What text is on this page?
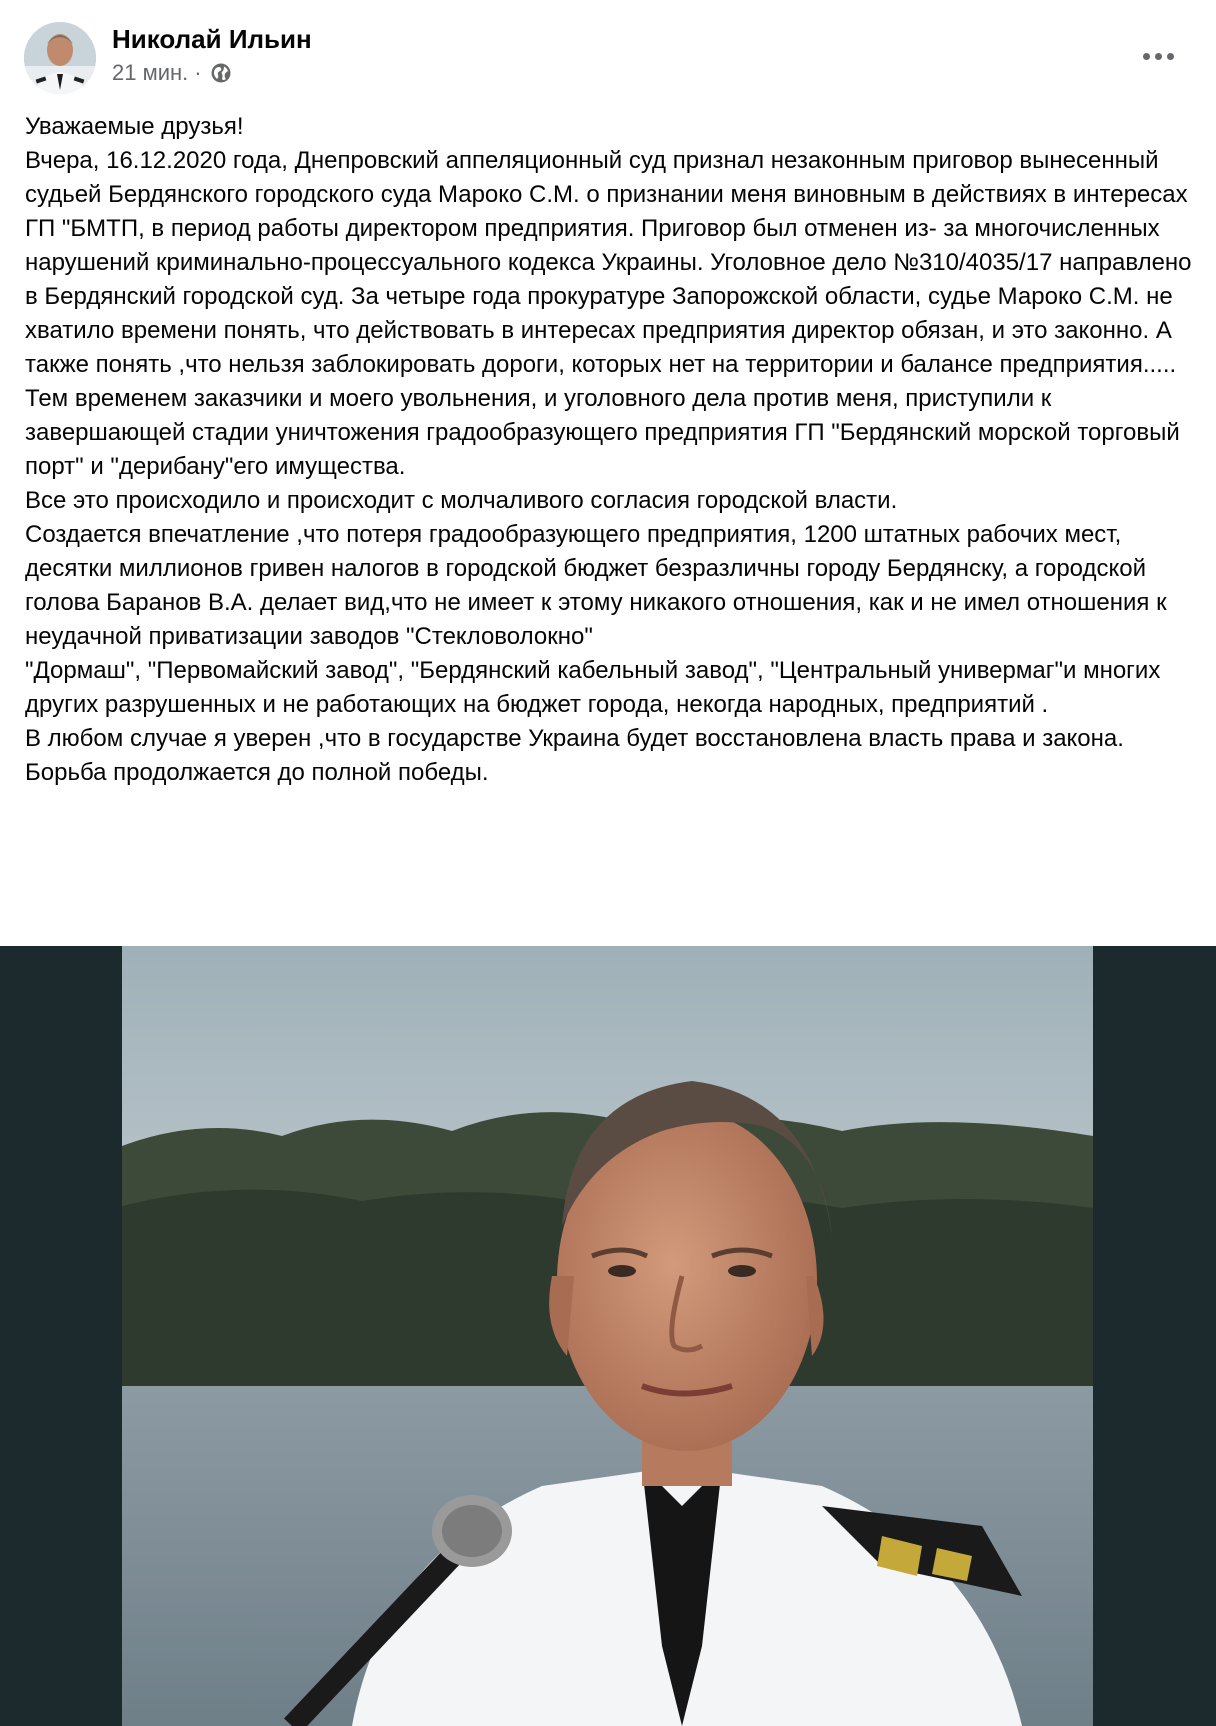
Николай Ильин
21 мин. ·

Уважаемые друзья!

Вчера, 16.12.2020 года, Днепровский аппеляционный суд признал незаконным приговор вынесенный судьей Бердянского городского суда Мароко С.М. о признании меня виновным в действиях в интересах ГП "БМТП, в период работы директором предприятия. Приговор был отменен из- за многочисленных нарушений криминально-процессуального кодекса Украины. Уголовное дело №310/4035/17 направлено в Бердянский городской суд. За четыре года прокуратуре Запорожской области, судье Мароко С.М. не хватило времени понять, что действовать в интересах предприятия директор обязан, и это законно. А также понять ,что нельзя заблокировать дороги, которых нет на территории и балансе предприятия.....

Тем временем заказчики и моего увольнения, и уголовного дела против меня, приступили к завершающей стадии уничтожения градообразующего предприятия ГП "Бердянский морской торговый порт" и "дерибану"его имущества.

Все это происходило и происходит с молчаливого согласия городской власти.

Создается впечатление ,что потеря градообразующего предприятия, 1200 штатных рабочих мест, десятки миллионов гривен налогов в городской бюджет безразличны городу Бердянску, а городской голова Баранов В.А. делает вид,что не имеет к этому никакого отношения, как и не имел отношения к неудачной приватизации заводов "Стекловолокно"

"Дормаш", "Первомайский завод", "Бердянский кабельный завод", "Центральный универмаг"и многих других разрушенных и не работающих на бюджет города, некогда народных, предприятий .

В любом случае я уверен ,что в государстве Украина будет восстановлена власть права и закона. Борьба продолжается до полной победы.
